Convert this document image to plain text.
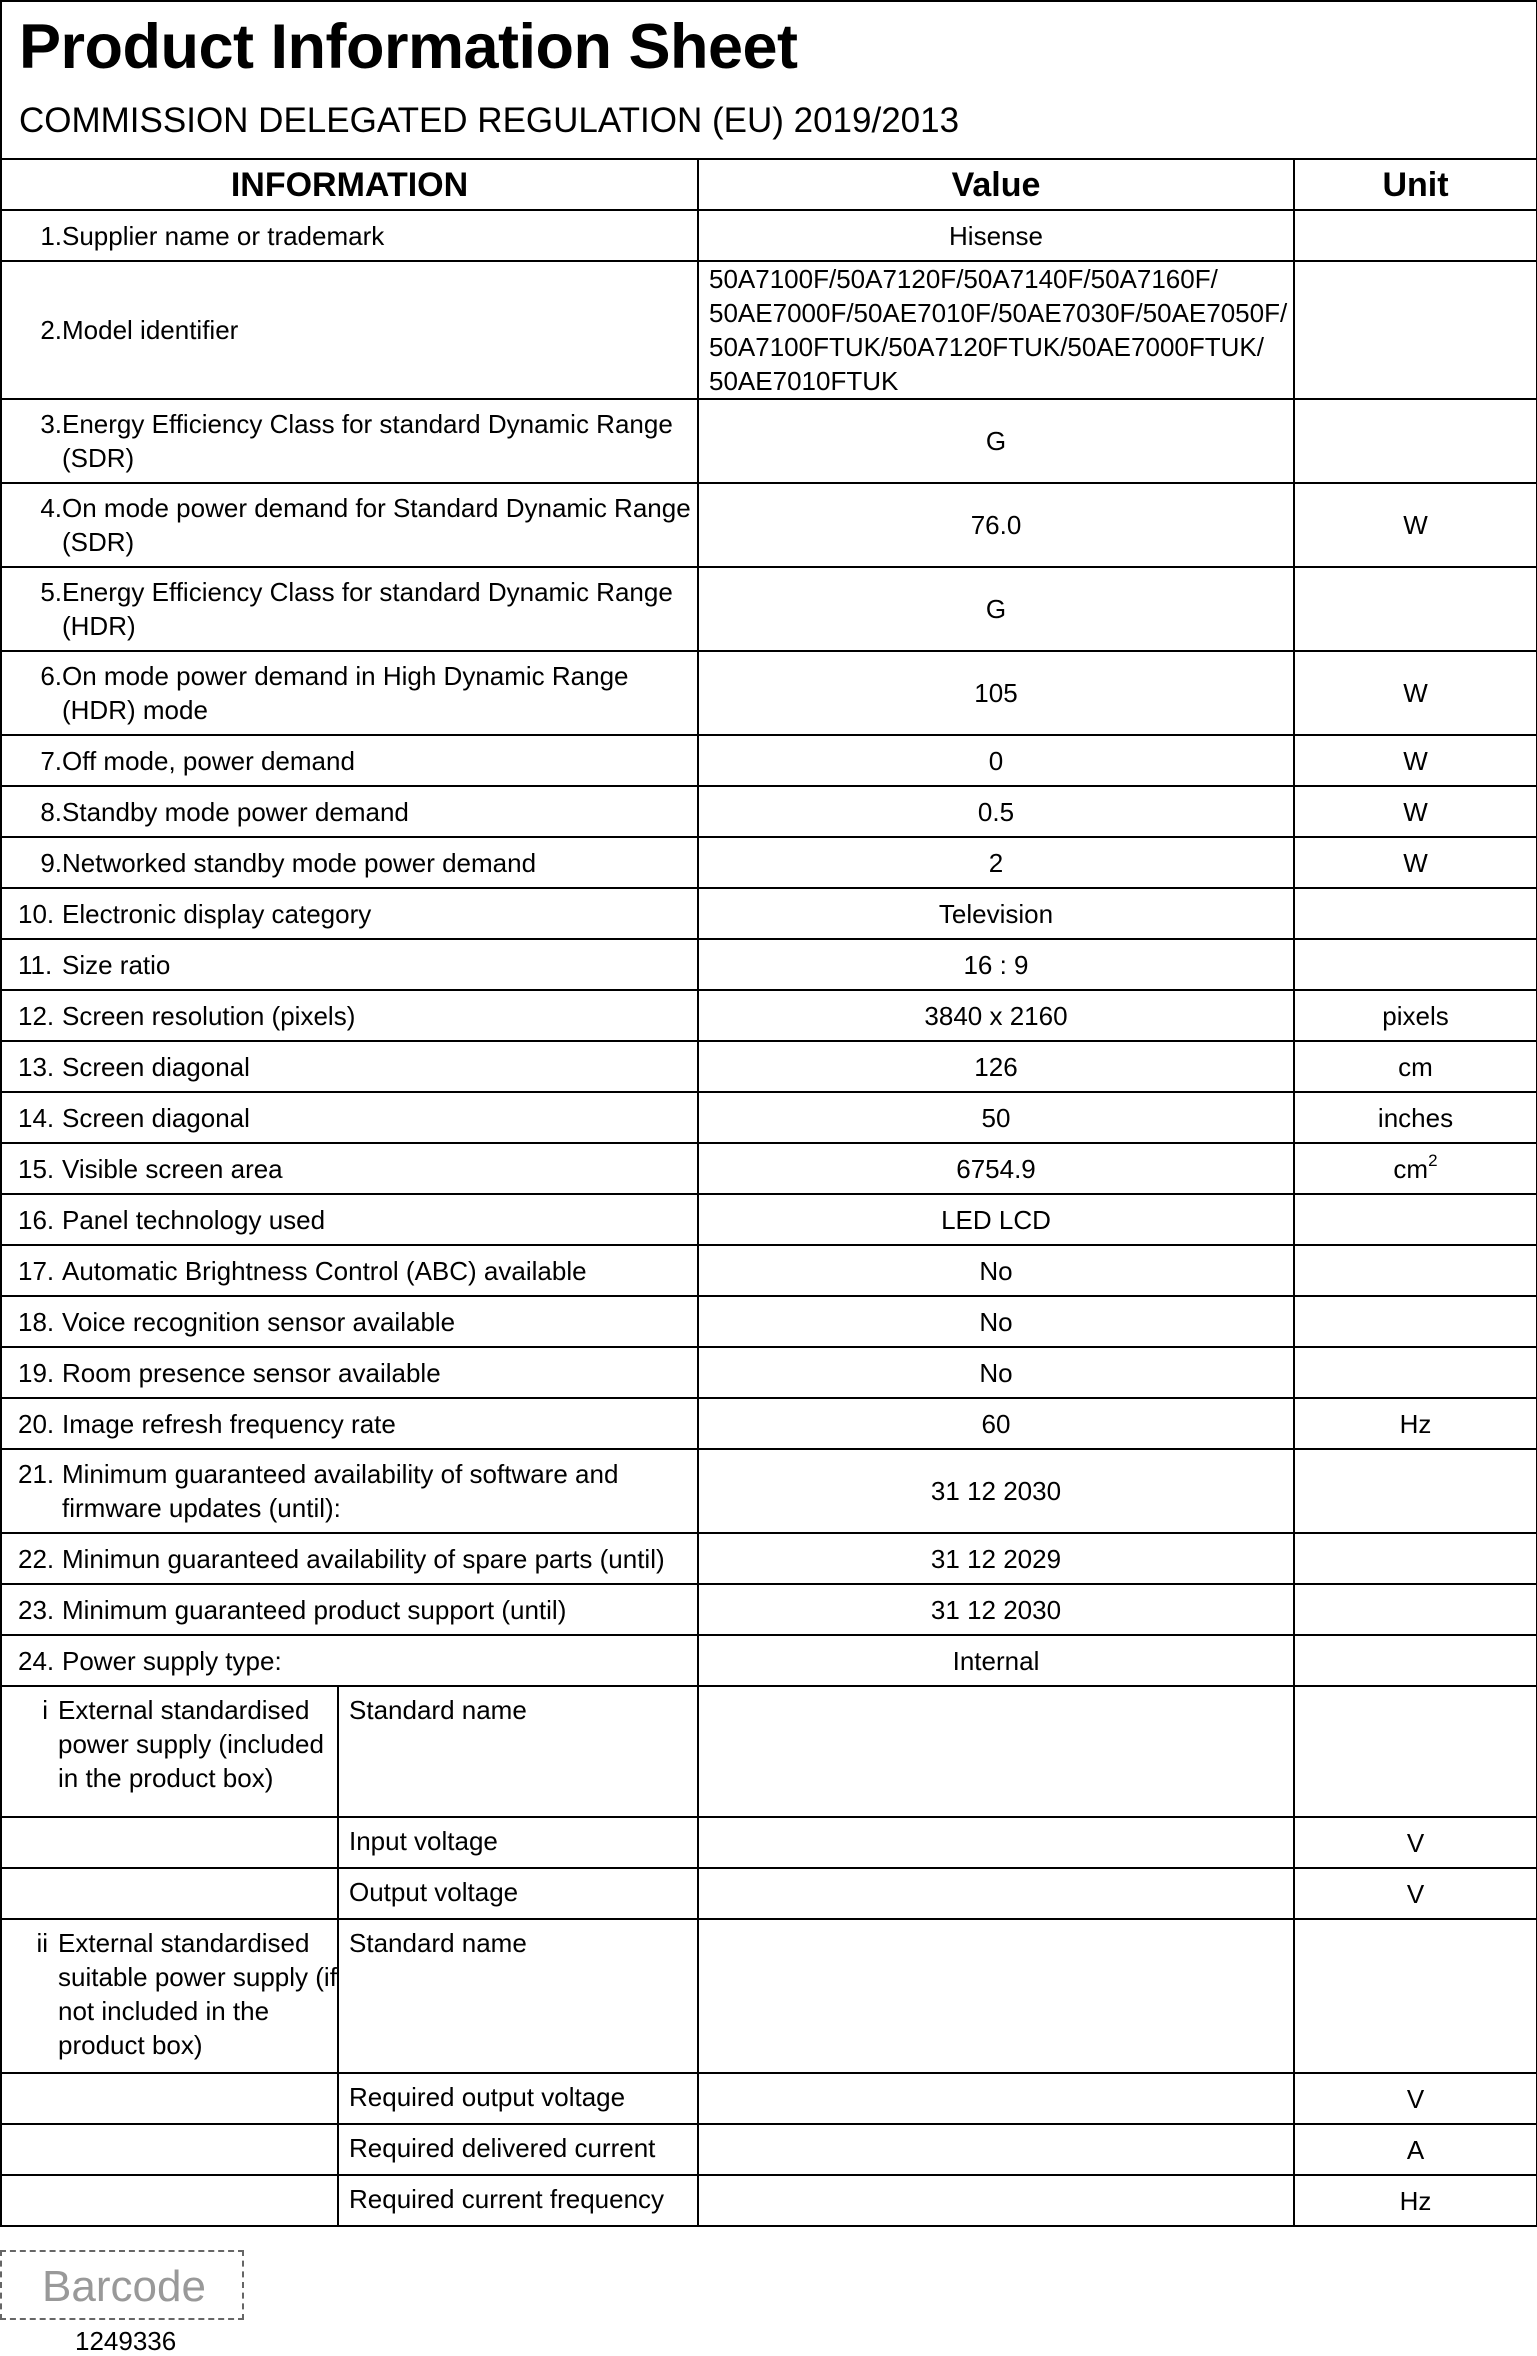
Product Information Sheet
COMMISSION DELEGATED REGULATION (EU) 2019/2013
INFORMATION		Value	Unit

1. Supplier name or trademark		Hisense	

2. Model identifier		50A7100F/50A7120F/50A7140F/50A7160F/ 50AE7000F/50AE7010F/50AE7030F/50AE7050F/ 50A7100FTUK/50A7120FTUK/50AE7000FTUK/ 50AE7010FTUK	

3. Energy Efficiency Class for standard Dynamic Range (SDR)		G	

4. On mode power demand for Standard Dynamic Range (SDR)		76.0	W

5. Energy Efficiency Class for standard Dynamic Range (HDR)		G	

6. On mode power demand in High Dynamic Range (HDR) mode		105	W

7. Off mode, power demand		0	W

8. Standby mode power demand		0.5	W

9. Networked standby mode power demand		2	W

10. Electronic display category		Television	

11. Size ratio		16 : 9	

12. Screen resolution (pixels)		3840 x 2160	pixels

13. Screen diagonal		126	cm

14. Screen diagonal		50	inches

15. Visible screen area		6754.9	$cm^2$

16. Panel technology used		LED LCD	

17. Automatic Brightness Control (ABC) available		No	

18. Voice recognition sensor available		No	

19. Room presence sensor available		No	

20. Image refresh frequency rate		60	Hz

21. Minimum guaranteed availability of software and firmware updates (until):		31 12 2030	

22. Minimun guaranteed availability of spare parts (until)		31 12 2029	

23. Minimum guaranteed product support (until)		31 12 2030	

24. Power supply type:		Internal	

i External standardised power supply (included in the product box)	Standard name		
	Input voltage		V
	Output voltage		V

ii External standardised suitable power supply (if not included in the product box)	Standard name		
	Required output voltage		V
	Required delivered current		A
	Required current frequency		Hz
Barcode
1249336
